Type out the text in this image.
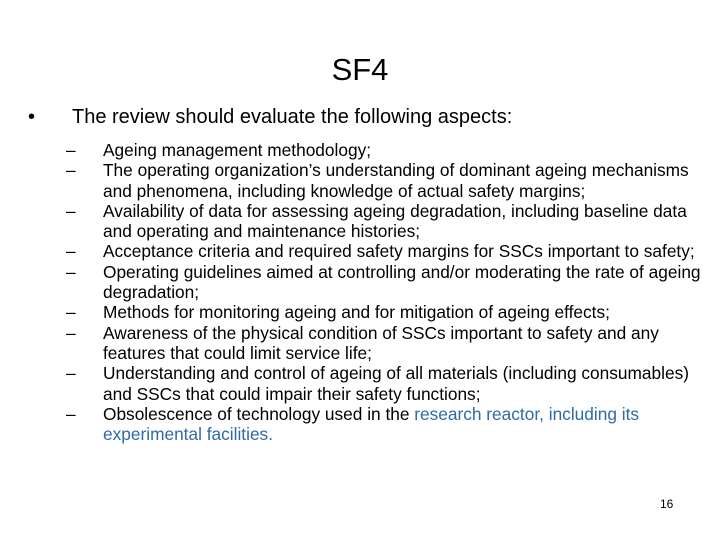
SF4
•	The review should evaluate the following aspects:
– Ageing management methodology;
– The operating organization’s understanding of dominant ageing mechanisms and phenomena, including knowledge of actual safety margins;
– Availability of data for assessing ageing degradation, including baseline data and operating and maintenance histories;
– Acceptance criteria and required safety margins for SSCs important to safety;
– Operating guidelines aimed at controlling and/or moderating the rate of ageing degradation;
– Methods for monitoring ageing and for mitigation of ageing effects;
– Awareness of the physical condition of SSCs important to safety and any features that could limit service life;
– Understanding and control of ageing of all materials (including consumables) and SSCs that could impair their safety functions;
– Obsolescence of technology used in the research reactor, including its experimental facilities.
16
